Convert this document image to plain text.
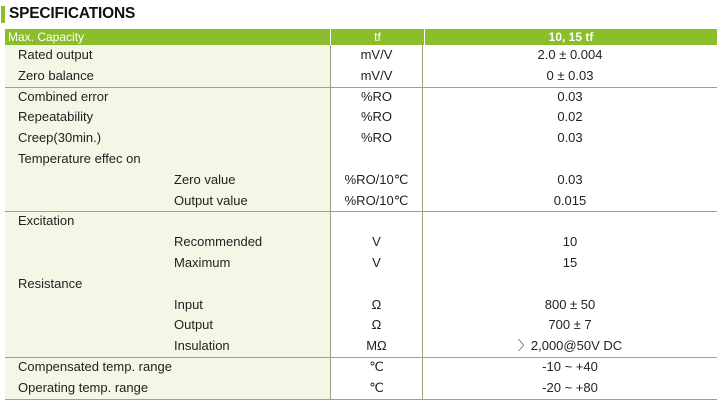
SPECIFICATIONS
Max. Capacity	tf	10, 15 tf
Rated output	mV/V	2.0 ± 0.004
Zero balance	mV/V	0 ± 0.03
Combined error	%RO	0.03
Repeatability	%RO	0.02
Creep(30min.)	%RO	0.03
Temperature effec on
Zero value	%RO/10℃	0.03
Output value	%RO/10℃	0.015
Excitation
Recommended	V	10
Maximum	V	15
Resistance
Input	Ω	800 ± 50
Output	Ω	700 ± 7
Insulation	MΩ	〉2,000@50V DC
Compensated temp. range	℃	-10 ~ +40
Operating temp. range	℃	-20 ~ +80
